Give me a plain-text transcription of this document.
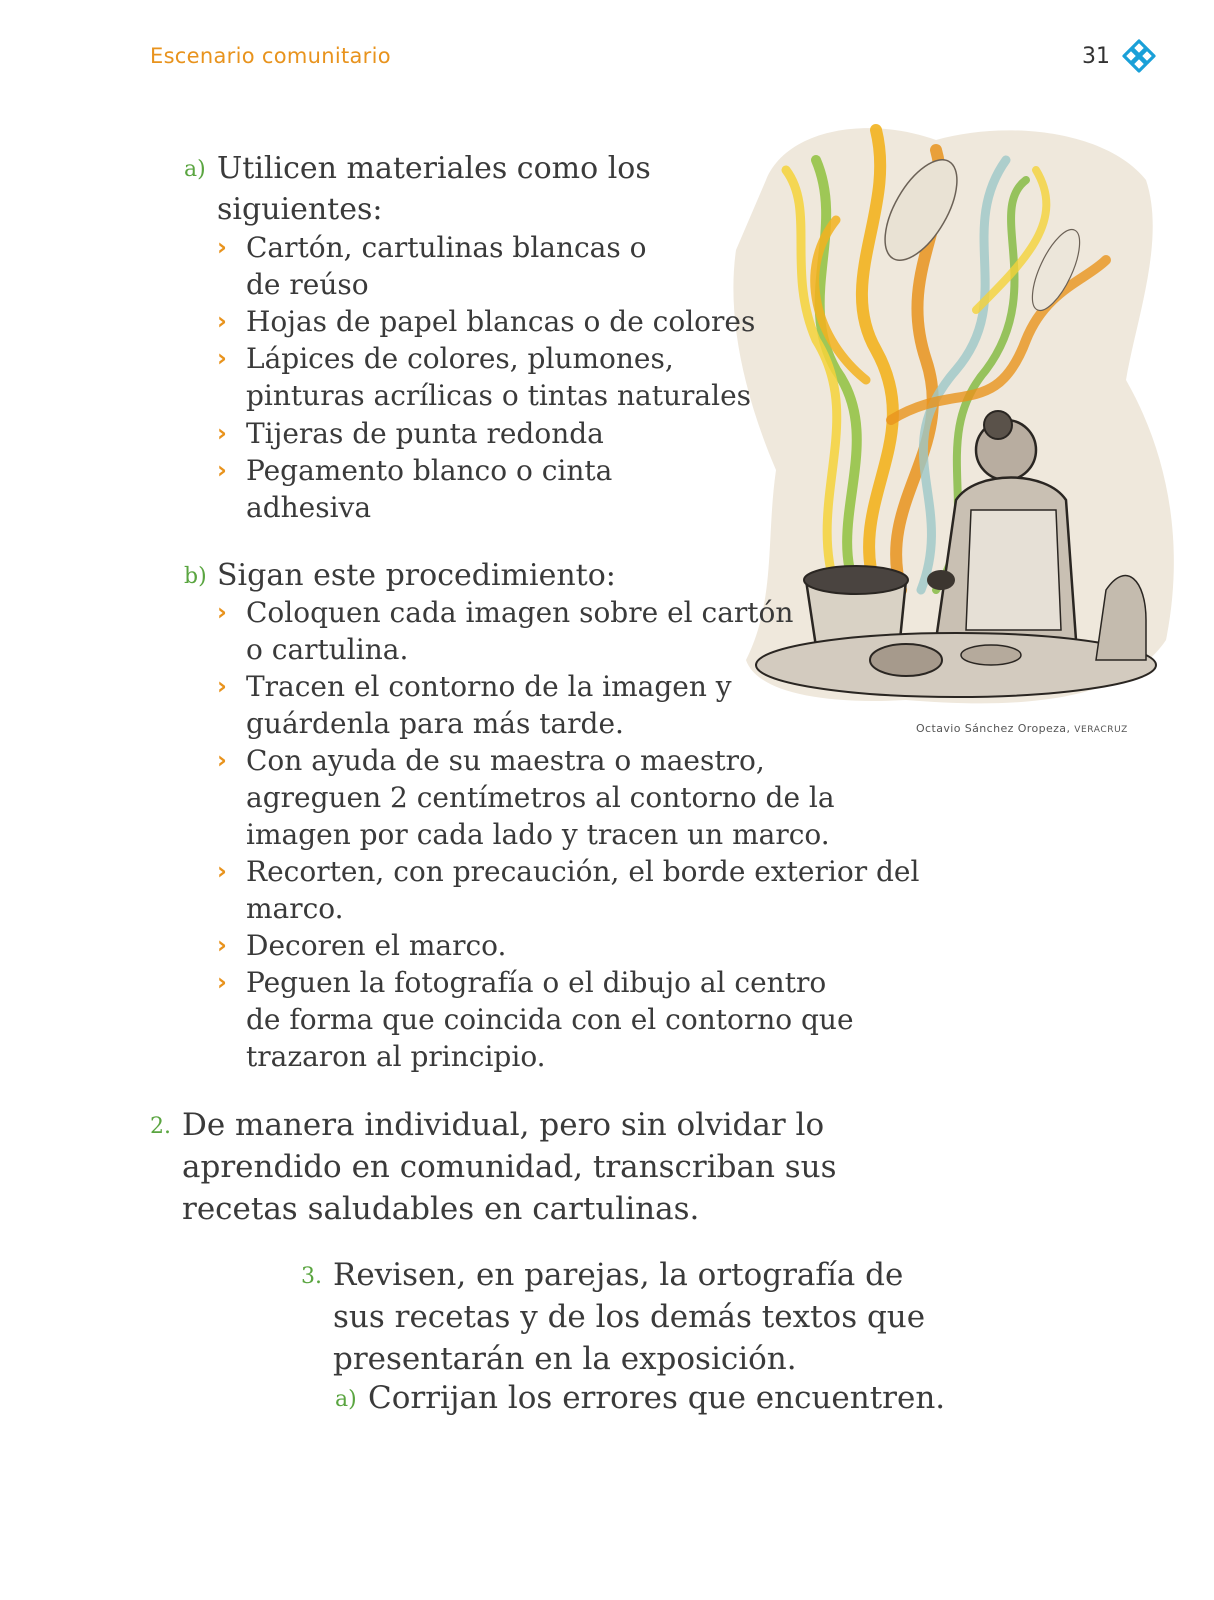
Escenario comunitario	31
Octavio Sánchez Oropeza, VERACRUZ
a) Utilicen materiales como los
siguientes:
› Cartón, cartulinas blancas o
de reúso
› Hojas de papel blancas o de colores
› Lápices de colores, plumones,
pinturas acrílicas o tintas naturales
› Tijeras de punta redonda
› Pegamento blanco o cinta
adhesiva
b) Sigan este procedimiento:
› Coloquen cada imagen sobre el cartón
o cartulina.
› Tracen el contorno de la imagen y
guárdenla para más tarde.
› Con ayuda de su maestra o maestro,
agreguen 2 centímetros al contorno de la
imagen por cada lado y tracen un marco.
› Recorten, con precaución, el borde exterior del
marco.
› Decoren el marco.
› Peguen la fotografía o el dibujo al centro
de forma que coincida con el contorno que
trazaron al principio.
2. De manera individual, pero sin olvidar lo
aprendido en comunidad, transcriban sus
recetas saludables en cartulinas.
3. Revisen, en parejas, la ortografía de
sus recetas y de los demás textos que
presentarán en la exposición.
a) Corrijan los errores que encuentren.
